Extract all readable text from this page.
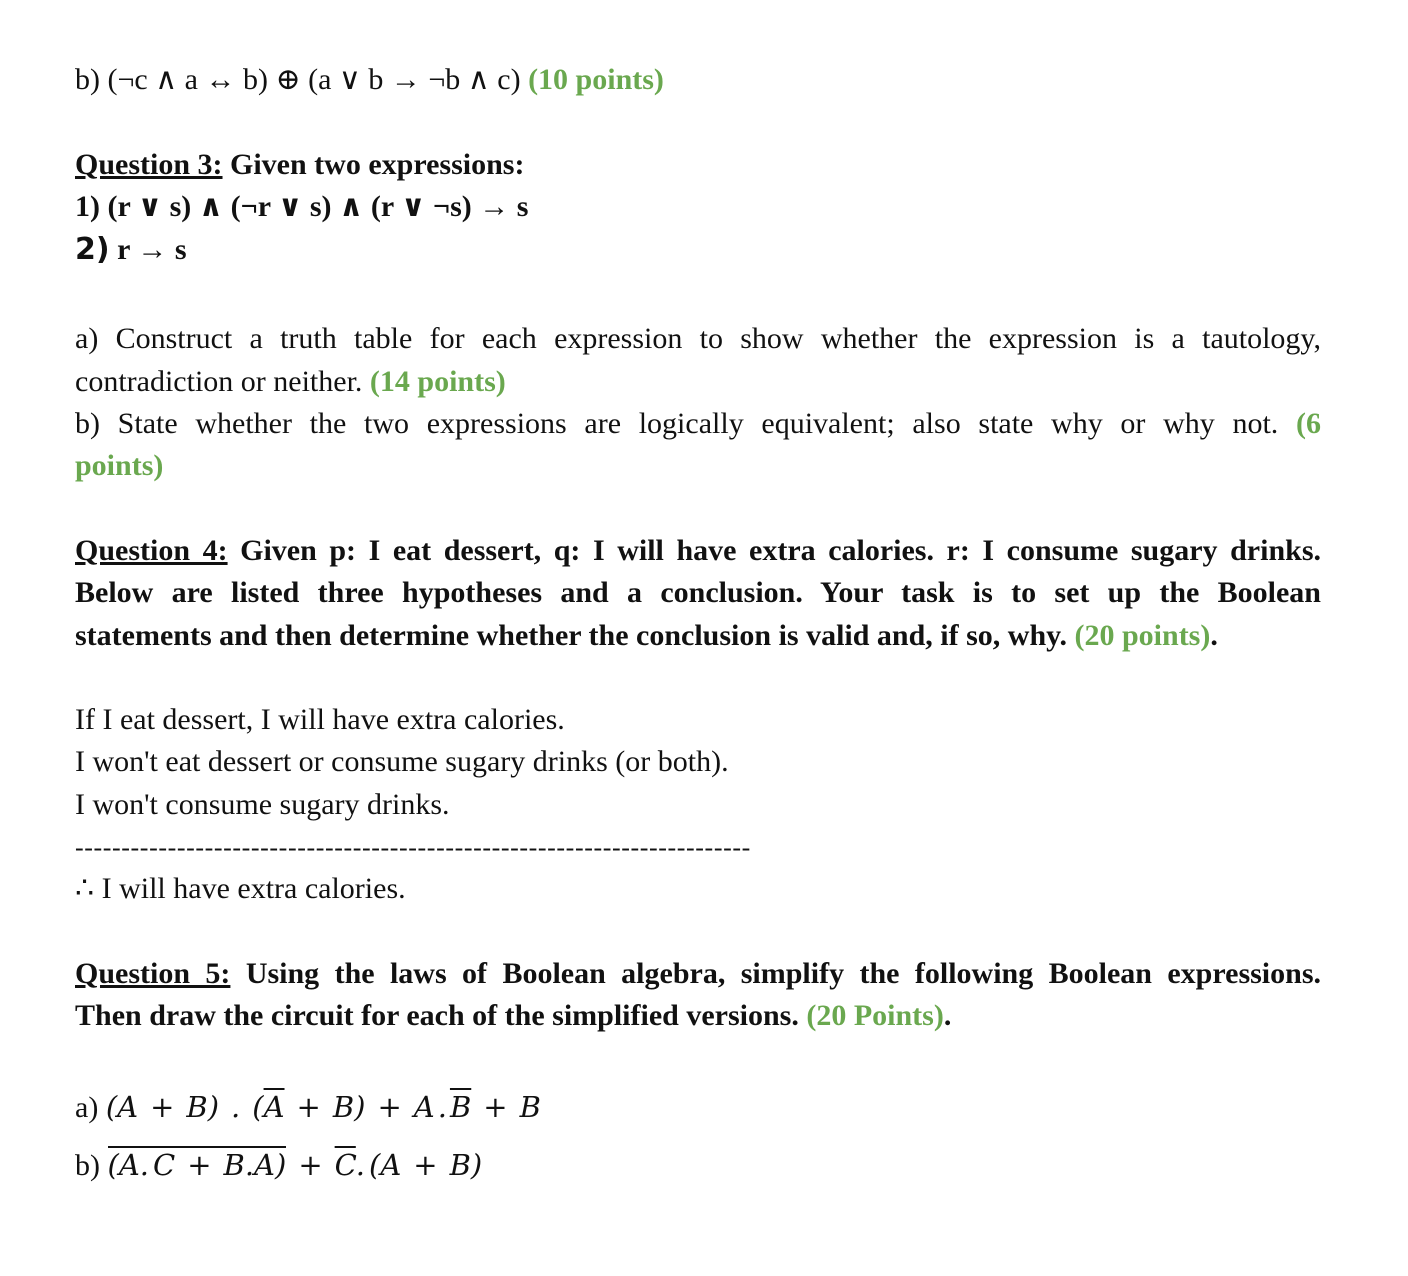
b) (¬c ∧ a ↔ b) ⊕ (a ∨ b → ¬b ∧ c) (10 points)
Question 3: Given two expressions:
1) (r ∨ s) ∧ (¬r ∨ s) ∧ (r ∨ ¬s) → s
2) r → s
a) Construct a truth table for each expression to show whether the expression is a tautology,
contradiction or neither. (14 points)
b) State whether the two expressions are logically equivalent; also state why or why not. (6
points)
Question 4: Given p: I eat dessert, q: I will have extra calories. r: I consume sugary drinks.
Below are listed three hypotheses and a conclusion. Your task is to set up the Boolean
statements and then determine whether the conclusion is valid and, if so, why. (20 points).
If I eat dessert, I will have extra calories.
I won't eat dessert or consume sugary drinks (or both).
I won't consume sugary drinks.
-------------------------------------------------------------------------
∴ I will have extra calories.
Question 5: Using the laws of Boolean algebra, simplify the following Boolean expressions.
Then draw the circuit for each of the simplified versions. (20 Points).
a) (A + B) . $(\overline{A} + B) + A$ . $\overline{B} + B$
b) ($\overline{A}$. $C + B.\overline{A}) + \overline{C}$. (A + B)
